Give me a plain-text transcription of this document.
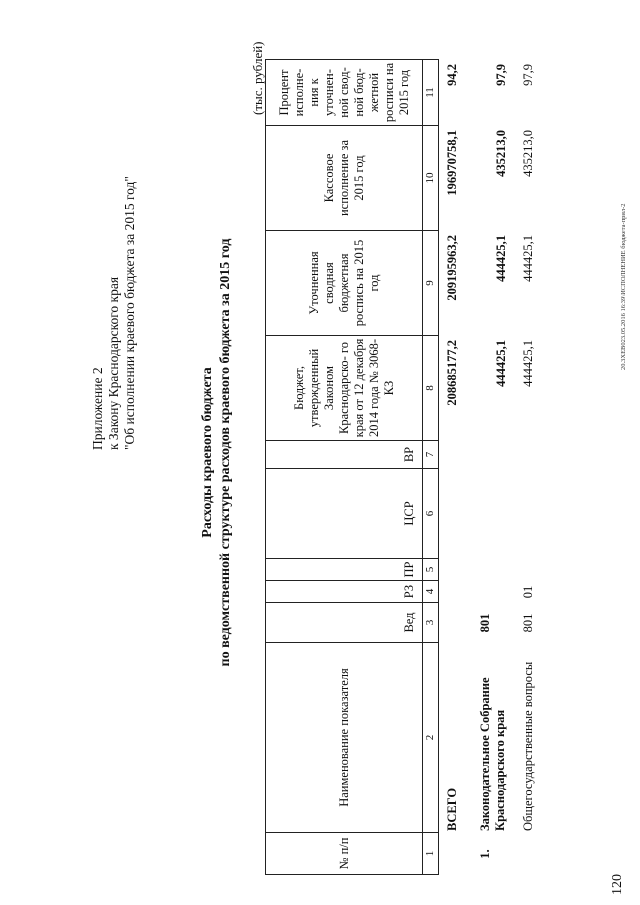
Приложение 2 к Закону Краснодарского края "Об исполнении краевого бюджета за 2015 год"
Расходы краевого бюджета по ведомственной структуре расходов краевого бюджета за 2015 год
(тыс. рублей)
№ п/п	Наименование показателя	Вед	РЗ	ПР	ЦСР	ВР	Бюджет, утвержденный Законом Краснодарско- го края от 12 декабря 2014 года № 3068-КЗ	Уточненная сводная бюджетная роспись на 2015 год	Кассовое исполнение за 2015 год	Процент исполне- ния к уточнен- ной свод- ной бюд- жетной росписи на 2015 год
1	2	3	4	5	6	7	8	9	10	11
	ВСЕГО						208685177,2	209195963,2	196970758,1	94,2
1.	Законодательное Собрание Краснодарского края	801					444425,1	444425,1	435213,0	97,9
	Общегосударственные вопросы	801	01				444425,1	444425,1	435213,0	97,9
20.3ХЕВ023.05.2016 16:39\ИСПОЛНЕНИЕ бюджета-прил-2
120
